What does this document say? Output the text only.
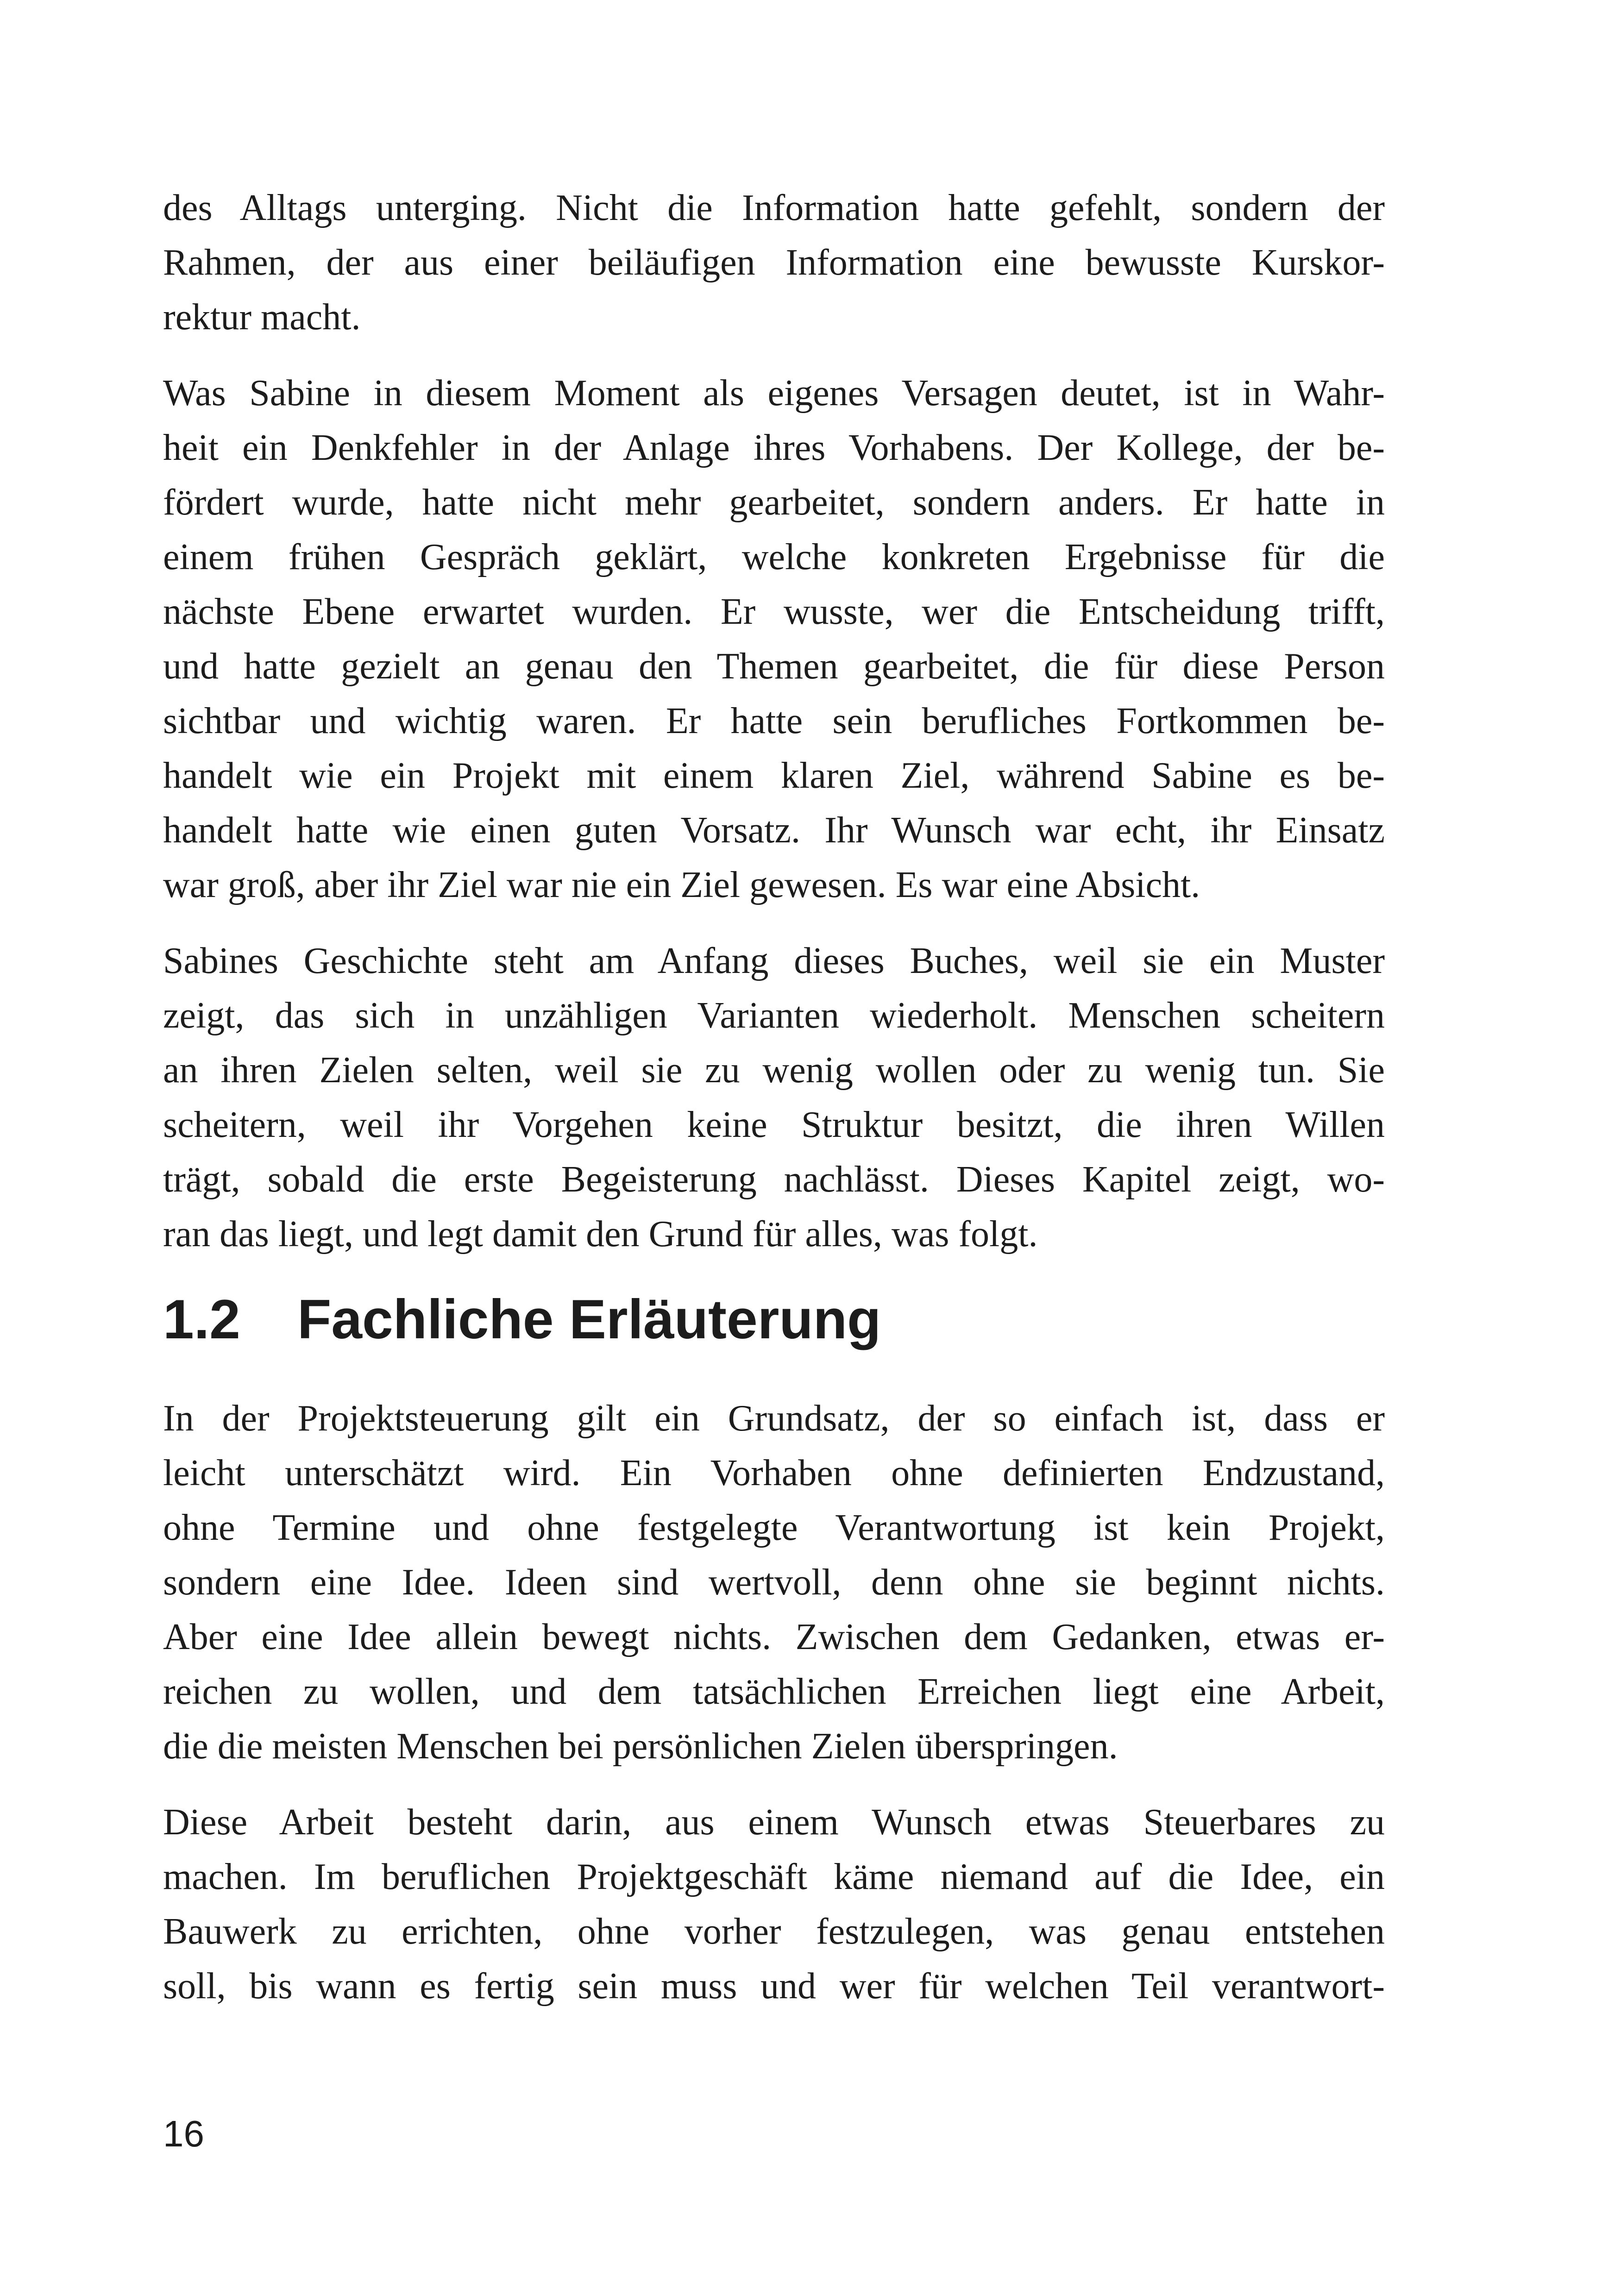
des Alltags unterging. Nicht die Information hatte gefehlt, sondern der
Rahmen, der aus einer beiläufigen Information eine bewusste Kurskor-
rektur macht.
Was Sabine in diesem Moment als eigenes Versagen deutet, ist in Wahr-
heit ein Denkfehler in der Anlage ihres Vorhabens. Der Kollege, der be-
fördert wurde, hatte nicht mehr gearbeitet, sondern anders. Er hatte in
einem frühen Gespräch geklärt, welche konkreten Ergebnisse für die
nächste Ebene erwartet wurden. Er wusste, wer die Entscheidung trifft,
und hatte gezielt an genau den Themen gearbeitet, die für diese Person
sichtbar und wichtig waren. Er hatte sein berufliches Fortkommen be-
handelt wie ein Projekt mit einem klaren Ziel, während Sabine es be-
handelt hatte wie einen guten Vorsatz. Ihr Wunsch war echt, ihr Einsatz
war groß, aber ihr Ziel war nie ein Ziel gewesen. Es war eine Absicht.
Sabines Geschichte steht am Anfang dieses Buches, weil sie ein Muster
zeigt, das sich in unzähligen Varianten wiederholt. Menschen scheitern
an ihren Zielen selten, weil sie zu wenig wollen oder zu wenig tun. Sie
scheitern, weil ihr Vorgehen keine Struktur besitzt, die ihren Willen
trägt, sobald die erste Begeisterung nachlässt. Dieses Kapitel zeigt, wo-
ran das liegt, und legt damit den Grund für alles, was folgt.
1.2 Fachliche Erläuterung
In der Projektsteuerung gilt ein Grundsatz, der so einfach ist, dass er
leicht unterschätzt wird. Ein Vorhaben ohne definierten Endzustand,
ohne Termine und ohne festgelegte Verantwortung ist kein Projekt,
sondern eine Idee. Ideen sind wertvoll, denn ohne sie beginnt nichts.
Aber eine Idee allein bewegt nichts. Zwischen dem Gedanken, etwas er-
reichen zu wollen, und dem tatsächlichen Erreichen liegt eine Arbeit,
die die meisten Menschen bei persönlichen Zielen überspringen.
Diese Arbeit besteht darin, aus einem Wunsch etwas Steuerbares zu
machen. Im beruflichen Projektgeschäft käme niemand auf die Idee, ein
Bauwerk zu errichten, ohne vorher festzulegen, was genau entstehen
soll, bis wann es fertig sein muss und wer für welchen Teil verantwort-
16
